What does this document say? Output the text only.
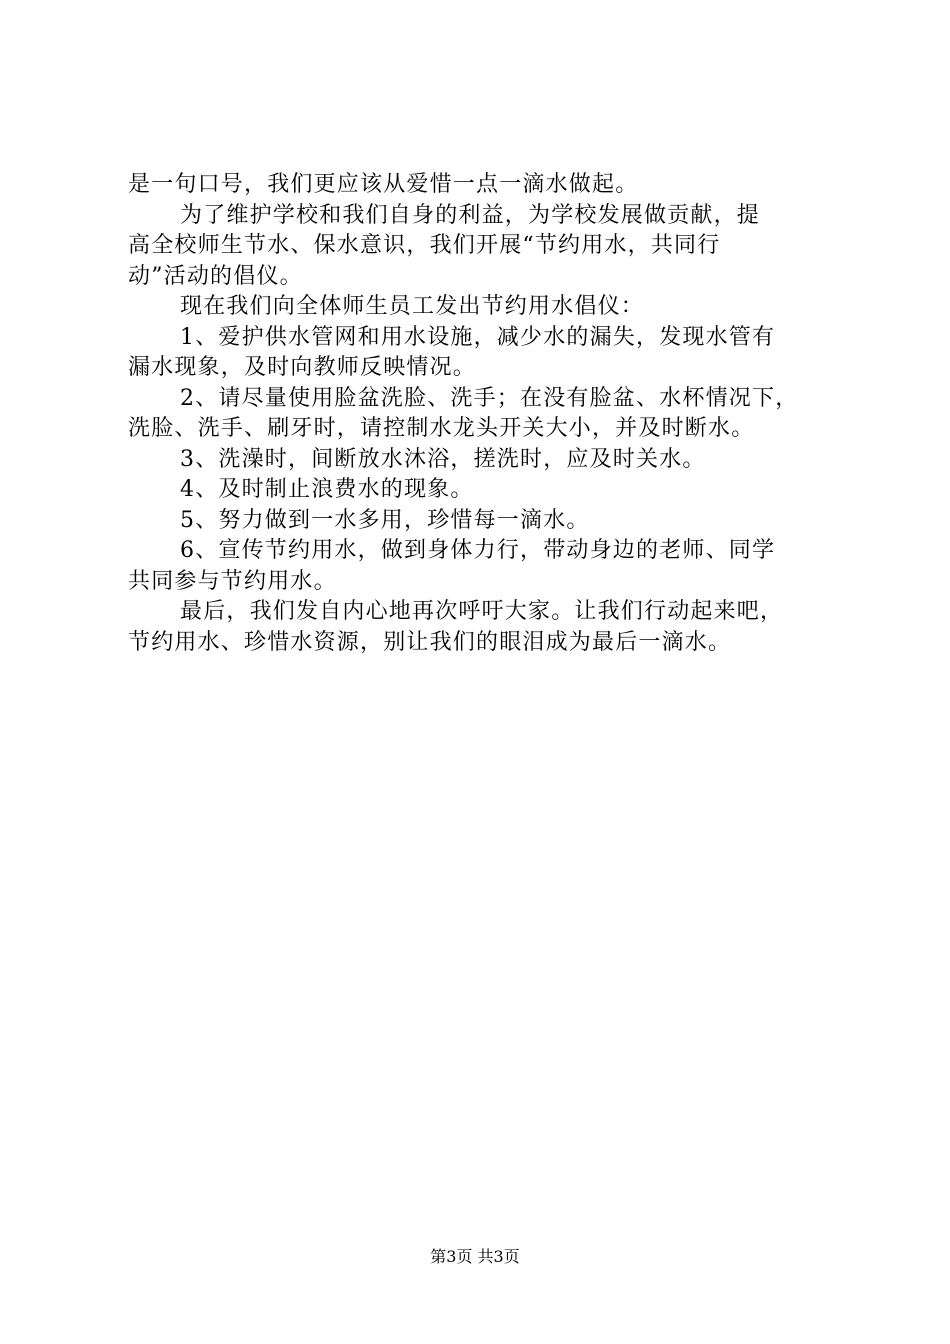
是一句口号，我们更应该从爱惜一点一滴水做起。

为了维护学校和我们自身的利益，为学校发展做贡献，提

高全校师生节水、保水意识，我们开展“节约用水，共同行

动”活动的倡仪。

现在我们向全体师生员工发出节约用水倡仪：

1、爱护供水管网和用水设施，减少水的漏失，发现水管有

漏水现象，及时向教师反映情况。

2、请尽量使用脸盆洗脸、洗手；在没有脸盆、水杯情况下，

洗脸、洗手、刷牙时，请控制水龙头开关大小，并及时断水。

3、洗澡时，间断放水沐浴，搓洗时，应及时关水。

4、及时制止浪费水的现象。

5、努力做到一水多用，珍惜每一滴水。

6、宣传节约用水，做到身体力行，带动身边的老师、同学

共同参与节约用水。

最后，我们发自内心地再次呼吁大家。让我们行动起来吧，

节约用水、珍惜水资源，别让我们的眼泪成为最后一滴水。

第3页 共3页
